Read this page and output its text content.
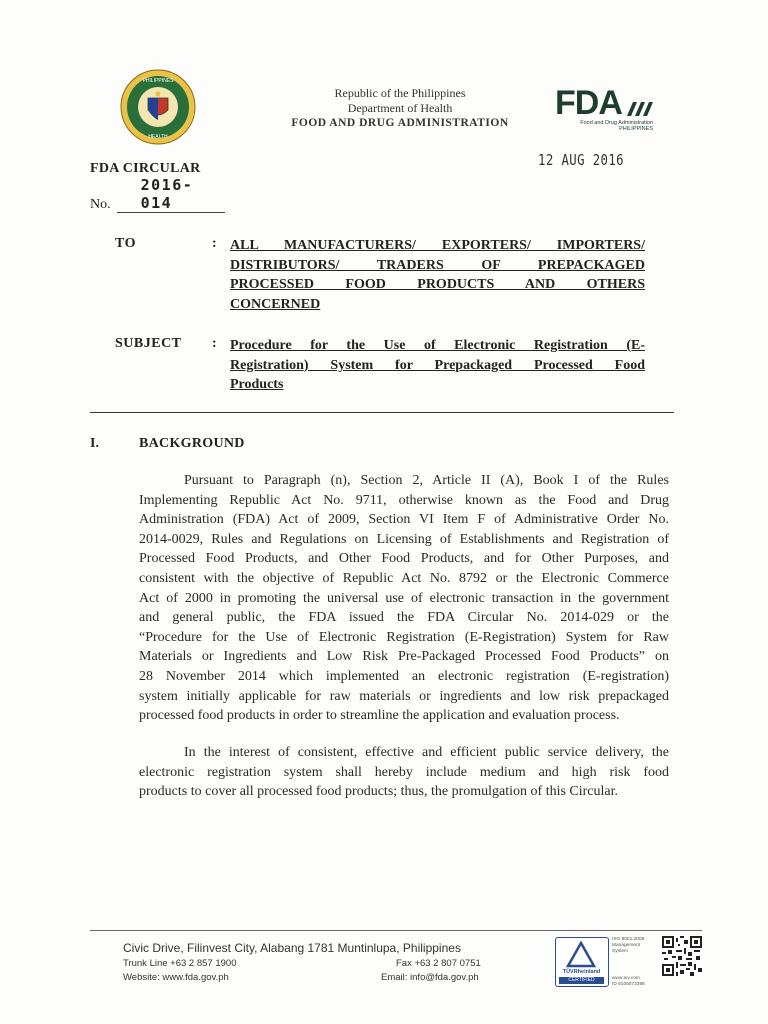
PHILIPPINES
HEALTH
Republic of the Philippines
Department of Health
FOOD AND DRUG ADMINISTRATION
FDA
Food and Drug Administration
PHILIPPINES
12 AUG 2016
FDA CIRCULAR
No.2016-014
TO	: ALL MANUFACTURERS/ EXPORTERS/ IMPORTERS/
DISTRIBUTORS/ TRADERS OF PREPACKAGED
PROCESSED FOOD PRODUCTS AND OTHERS
CONCERNED
SUBJECT : Procedure for the Use of Electronic Registration (E-
Registration) System for Prepackaged Processed Food
Products
I.	BACKGROUND
Pursuant to Paragraph (n), Section 2, Article II (A), Book I of the Rules
Implementing Republic Act No. 9711, otherwise known as the Food and Drug
Administration (FDA) Act of 2009, Section VI Item F of Administrative Order No.
2014-0029, Rules and Regulations on Licensing of Establishments and Registration of
Processed Food Products, and Other Food Products, and for Other Purposes, and
consistent with the objective of Republic Act No. 8792 or the Electronic Commerce
Act of 2000 in promoting the universal use of electronic transaction in the government
and general public, the FDA issued the FDA Circular No. 2014-029 or the
“Procedure for the Use of Electronic Registration (E-Registration) System for Raw
Materials or Ingredients and Low Risk Pre-Packaged Processed Food Products” on
28 November 2014 which implemented an electronic registration (E-registration)
system initially applicable for raw materials or ingredients and low risk prepackaged
processed food products in order to streamline the application and evaluation process.
In the interest of consistent, effective and efficient public service delivery, the
electronic registration system shall hereby include medium and high risk food
products to cover all processed food products; thus, the promulgation of this Circular.
Civic Drive, Filinvest City, Alabang 1781 Muntinlupa, Philippines
Trunk Line +63 2 857 1900	Fax +63 2 807 0751
Website: www.fda.gov.ph	Email: info@fda.gov.ph	TÜVRheinland
CERTIFIED
ISO 9001:2008
Management
System
www.tuv.com
ID 9105073398
